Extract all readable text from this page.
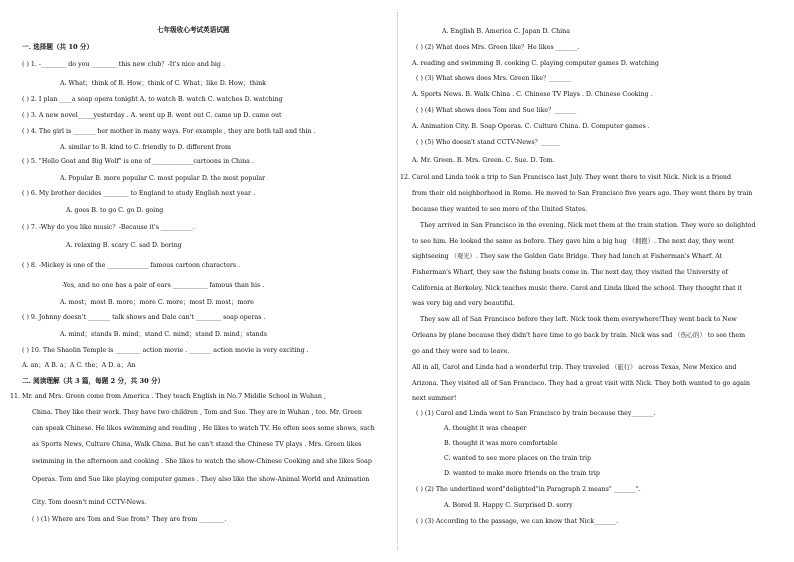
七年级收心考试英语试题
一. 选择题（共 10 分）
( ) 1. -________ do you ________ this new club？-It's nice and big .
A. What；think of B. How；think of C. What；like D. How；think
( ) 2. I plan ____a soap opera tonight A. to watch B. watch C. watches D. watching
( ) 3. A new novel_____yesterday . A. went up B. went out C. came up D. came out
( ) 4. The girl is _______ her mother in many ways. For example , they are both tall and thin .
A. similar to B. kind to C. friendly to D. different from
( ) 5. "Hello Goat and Big Wolf" is one of _____________cartoons in China .
A. Popular B. more popular C. most popular D. the most popular
( ) 6. My brother decides ________ to England to study English next year .
A. goes B. to go C. go D. going
( ) 7. -Why do you like music？-Because it's __________.
A. relaxing B. scary C. sad D. boring
( ) 8. -Mickey is one of the _____________ famous cartoon characters .
-Yes, and no one has a pair of ears ___________ famous than his .
A. most；most B. more；more C. more；most D. most；more
( ) 9. Johnny doesn't _______ talk shows and Dale can't ________ soap operas .
A. mind；stands B. mind；stand C. mind；stand D. mind；stands
( ) 10. The Shaolin Temple is ________ action movie . _______ action movie is very exciting .
A. an；A B. a；A C. the；A D. a；An
二. 阅读理解（共 3 篇，每题 2 分，共 30 分）
11. Mr. and Mrs. Green come from America . They teach English in No.7 Middle School in Wuhan ,
China. They like their work. They have two children , Tom and Sue. They are in Wuhan , too. Mr. Green
can speak Chinese. He likes swimming and reading , He likes to watch TV. He often sees some shows, such
as Sports News, Culture China, Walk China. But he can't stand the Chinese TV plays . Mrs. Green likes
swimming in the afternoon and cooking . She likes to watch the show-Chinese Cooking and she likes Soap
Operas. Tom and Sue like playing computer games . They also like the show-Animal World and Animation
City. Tom doesn't mind CCTV-News.
( ) (1) Where are Tom and Sue from？They are from ________.
A. English B. America C. Japan D. China
( ) (2) What does Mrs. Green like？He likes _______.
A. reading and swimming B. cooking C. playing computer games D. watching
( ) (3) What shows does Mrs. Green like？_______
A. Sports News. B. Walk China . C. Chinese TV Plays . D. Chinese Cooking .
( ) (4) What shows does Tom and Sue like？_______
A. Animation City. B. Soap Operas. C. Culture China. D. Computer games .
( ) (5) Who doesn't stand CCTV-News？______
A. Mr. Green. B. Mrs. Green. C. Sue. D. Tom.
12. Carol and Linda took a trip to San Francisco last July. They went there to visit Nick. Nick is a friend
from their old neighborhood in Rome. He moved to San Francisco five years ago. They went there by train
because they wanted to see more of the United States.
They arrived in San Francisco in the evening. Nick met them at the train station. They were so delighted
to see him. He looked the same as before. They gave him a big hug （拥抱）. The next day, they went
sightseeing （观光）. They saw the Golden Gate Bridge. They had lunch at Fisherman's Wharf. At
Fisherman's Wharf, they saw the fishing boats come in. The next day, they visited the University of
California at Berkeley. Nick teaches music there. Carol and Linda liked the school. They thought that it
was very big and very beautiful.
They saw all of San Francisco before they left. Nick took them everywhere!They went back to New
Orleans by plane because they didn't have time to go back by train. Nick was sad （伤心的） to see them
go and they were sad to leave.
All in all, Carol and Linda had a wonderful trip. They traveled （旅行） across Texas, New Mexico and
Arizona. They visited all of San Francisco. They had a great visit with Nick. They both wanted to go again
next summer!
( ) (1) Carol and Linda went to San Francisco by train because they_______.
A. thought it was cheaper
B. thought it was more comfortable
C. wanted to see more places on the train trip
D. wanted to make more friends on the train trip
( ) (2) The underlined word"delighted"in Paragraph 2 means" _______".
A. Bored B. Happy C. Surprised D. sorry
( ) (3) According to the passage, we can know that Nick_______.
